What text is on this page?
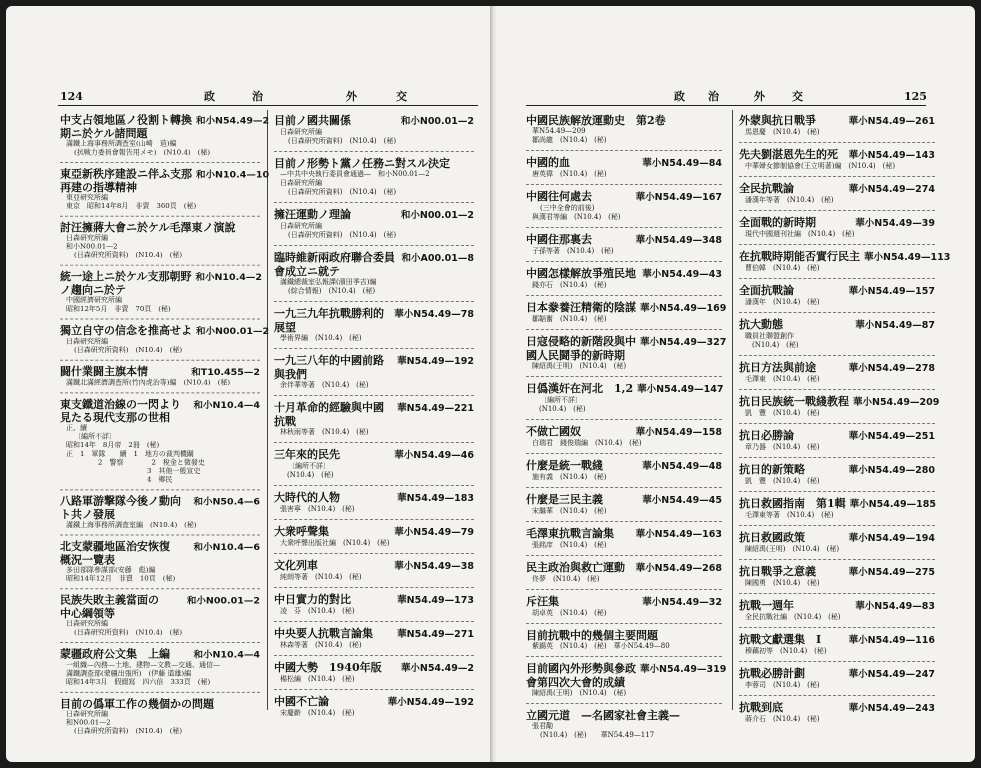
124	政	治	外	交
中支占領地區ノ役割ト轉換 和小N54.49—2
期ニ於ケル諸問題
滿鐵上海事務所調査室(山崎　造)編
(抗戦力委員會報告用メモ)　(N10.4)　(秘)
東亞新秩序建設ニ伴ふ支那 和小N10.4—10
再建の指導精神
東亞研究所編
東京　昭和14年8月　非賣　360頁　(秘)
討汪擁蔣大會ニ於ケル毛澤東ノ演說
日森研究所編
和小N00.01—2
(日森研究所資料)　(N10.4)　(秘)
統一途上ニ於ケル支那朝野 和小N10.4—2
ノ趨向ニ於テ
中國經濟研究所編
昭和12年5月　非賣　70頁　(秘)
獨立自守の信念を推高せよ 和小N00.01—2
日森研究所編
(日森研究所資料)　(N10.4)　(秘)
闘什業闘主旗本情	和T10.455—2
滿鐵北滿經濟調査所(竹內虎治等)編　(N10.4)　(秘)
東支鐵道治線の一閃より	和小N10.4—4
見たる現代支那の世相
正、續
〔編所不詳〕
昭和14年　8月帝　2冊　(秘)
正　1　軍隊　　續　1　地方の裁判機關
　　2　警察　　　　2　稅金と徵發史
　　　　　　　　　3　其他一般宣史
　　　　　　　　　4　鄉民
八路軍游撃隊今後ノ動向	和小N50.4—6
ト共ノ發展
滿鐵上海事務所調査室編　(N10.4)　(秘)
北支蒙疆地區治安恢復	和小N10.4—6
概況一覽表
多田部隊參謀部(安藤　彪)編
昭和14年12月　非賣　10頁　(秘)
民族失敗主義當面の	和小N00.01—2
中心綱領等
日森研究所編
(日森研究所資料)　(N10.4)　(秘)
蒙疆政府公文集　上編	和小N10.4—4
一組織—內務—土地、建物—文教—交通、通信—
滿鐵調查部(蒙疆出張所)　(伊藤 道雄)編
昭和14年3月　假綴寫　四六倍　333頁　(秘)
目前の僞軍工作の幾個かの問題
日森研究所編
和N00.01—2
(日森研究所資料)　(N10.4)　(秘)
目前ノ國共關係	和小N00.01—2
日森研究所編
(日森研究所資料)　(N10.4)　(秘)
目前ノ形勢ト黨ノ任務ニ對スル決定
—中共中央執行委員會通過—　和小N00.01—2
日森研究所編
(日森研究所資料)　(N10.4)　(秘)
擁汪運動ノ理論	和小N00.01—2
日森研究所編
(日森研究所資料)　(N10.4)　(秘)
臨時維新兩政府聯合委員 和小A00.01—8
會成立ニ就テ
滿鐵總裁室弘報課(濱田季吉)編
(綜合情報)　(N10.4)　(秘)
一九三九年抗戰勝利的	華小N54.49—78
展望
學術界編　(N10.4)　(秘)
一九三八年的中國前路	華N54.49—192
與我們
余伴華等著　(N10.4)　(秘)
十月革命的經驗與中國	華N54.49—221
抗戰
林秋雨等著　(N10.4)　(秘)
三年來的民先	華小N54.49—46
〔編所不詳〕
　(N10.4)　(秘)
大時代的人物	華N54.49—183
張害寧　(N10.4)　(秘)
大衆呼聲集	華小N54.49—79
大衆呼聲出版社編　(N10.4)　(秘)
文化列車	華小N54.49—38
純朗等著　(N10.4)　(秘)
中日實力的對比	華N54.49—173
凌　芬　(N10.4)　(秘)
中央要人抗戰言論集	華N54.49—271
林森等著　(N10.4)　(秘)
中國大勢　1940年版	華小N54.49—2
楊松編　(N10.4)　(秘)
中國不亡論	華小N54.49—192
宋慶齡　(N10.4)　(秘)
政 治	外 交	125
中國民族解放運動史　第2卷
華N54.49—209
鄒尚龍　(N10.4)　(秘)
中國的血	華小N54.49—84
唐英偉　(N10.4)　(秘)
中國往何處去	華小N54.49—167
(三中全會的前後)
與漢君等編　(N10.4)　(秘)
中國住那裏去	華小N54.49—348
子孫等著　(N10.4)　(秘)
中國怎樣解放爭殖民地 華小N54.49—43
錢亦石　(N10.4)　(秘)
日本豢養汪精衛的陰謀 華小N54.49—169
鄒韜奮　(N10.4)　(秘)
日寇侵略的新階段與中 華小N54.49—327
國人民鬪爭的新時期
陳紹禹(王明)　(N10.4)　(秘)
日僞漢奸在河北　1,2 華小N54.49—147
〔編所不詳〕
　(N10.4)　(秘)
不做亡國奴	華小N54.49—158
白瑞君　錢俊瑞編　(N10.4)　(秘)
什麼是統一戰綫	華小N54.49—48
施有義　(N10.4)　(秘)
什麼是三民主義	華小N54.49—45
宋繼華　(N10.4)　(秘)
毛澤東抗戰言論集	華小N54.49—163
張銘庠　(N10.4)　(秘)
民主政治與救亡運動	華小N54.49—268
佟夢　(N10.4)　(秘)
斥汪集	華小N54.49—32
胡卓英　(N10.4)　(秘)
目前抗戰中的幾個主要問題
紫錫英　(N10.4)　(秘)　華小N54.49—80
目前國內外形勢與參政 華小N54.49—319
會第四次大會的成績
陳紹禹(王明)　(N10.4)　(秘)
立國元道　—名國家社會主義—
張君勱
(N10.4)　(秘)　　華N54.49—117
外蒙與抗日戰爭	華小N54.49—261
馬恩慶　(N10.4)　(秘)
先夫劉湛恩先生的死	華小N54.49—143
中華婦女節制協會(王立明著)編　(N10.4)　(秘)
全民抗戰論	華小N54.49—274
潘漢年等著　(N10.4)　(秘)
全面戰的新時期	華小N54.49—39
現代中國週刊社編　(N10.4)　(秘)
在抗戰時期能否實行民主 華小N54.49—113
曹伯韓　(N10.4)　(秘)
全面抗戰論	華小N54.49—157
潘漢年　(N10.4)　(秘)
抗大動態	華小N54.49—87
職員社聯盟創作
　(N10.4)　(秘)
抗日方法與前途	華小N54.49—278
毛澤東　(N10.4)　(秘)
抗日民族統一戰綫教程 華小N54.49—209
凱　豐　(N10.4)　(秘)
抗日必勝論	華小N54.49—251
章乃器　(N10.4)　(秘)
抗日的新策略	華小N54.49—280
凱　豐　(N10.4)　(秘)
抗日救國指南　第1輯 華小N54.49—185
毛澤東等著　(N10.4)　(秘)
抗日救國政策	華小N54.49—194
陳紹禹(王明)　(N10.4)　(秘)
抗日戰爭之意義	華小N54.49—275
陳國勇　(N10.4)　(秘)
抗戰一週年	華小N54.49—83
全民抗戰社編　(N10.4)　(秘)
抗戰文獻選集　Ⅰ	華小N54.49—116
穆藕初等　(N10.4)　(秘)
抗戰必勝計劃	華小N54.49—247
李蓉司　(N10.4)　(秘)
抗戰到底	華小N54.49—243
蔣介石　(N10.4)　(秘)
